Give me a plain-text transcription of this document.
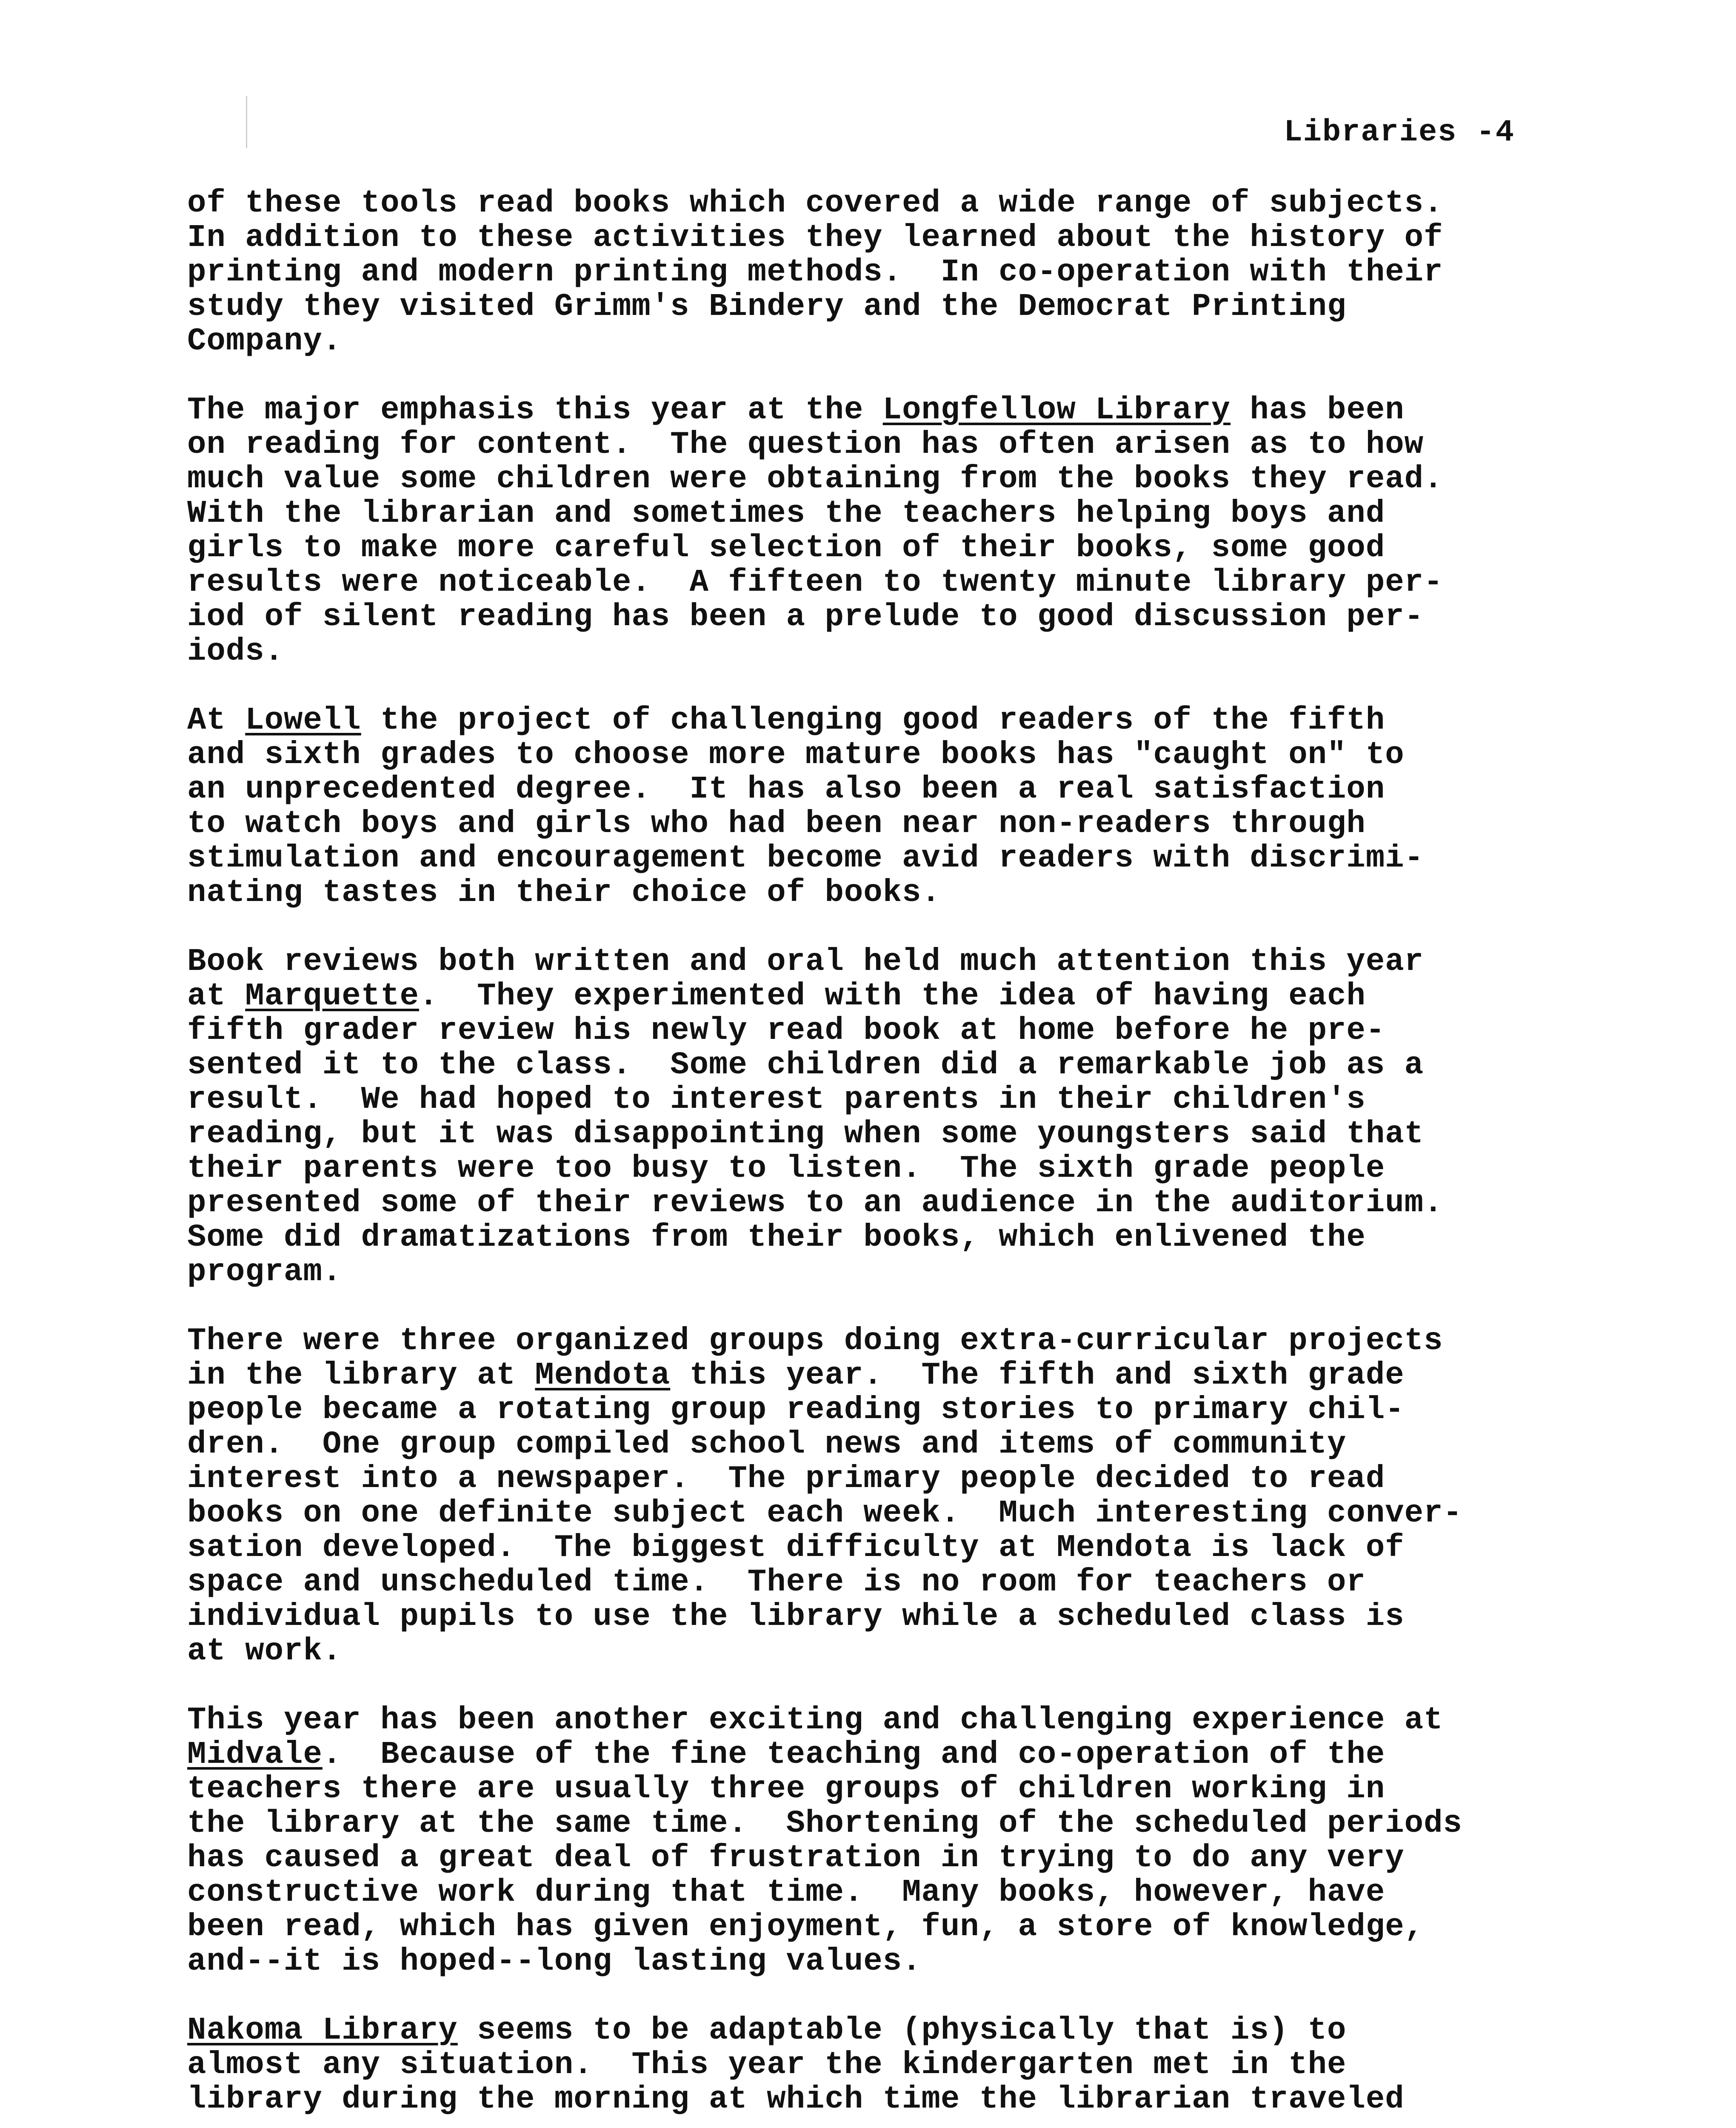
Libraries -4
of these tools read books which covered a wide range of subjects.
In addition to these activities they learned about the history of
printing and modern printing methods.  In co-operation with their
study they visited Grimm's Bindery and the Democrat Printing
Company.
The major emphasis this year at the Longfellow Library has been
on reading for content.  The question has often arisen as to how
much value some children were obtaining from the books they read.
With the librarian and sometimes the teachers helping boys and
girls to make more careful selection of their books, some good
results were noticeable.  A fifteen to twenty minute library per-
iod of silent reading has been a prelude to good discussion per-
iods.
At Lowell the project of challenging good readers of the fifth
and sixth grades to choose more mature books has "caught on" to
an unprecedented degree.  It has also been a real satisfaction
to watch boys and girls who had been near non-readers through
stimulation and encouragement become avid readers with discrimi-
nating tastes in their choice of books.
Book reviews both written and oral held much attention this year
at Marquette.  They experimented with the idea of having each
fifth grader review his newly read book at home before he pre-
sented it to the class.  Some children did a remarkable job as a
result.  We had hoped to interest parents in their children's
reading, but it was disappointing when some youngsters said that
their parents were too busy to listen.  The sixth grade people
presented some of their reviews to an audience in the auditorium.
Some did dramatizations from their books, which enlivened the
program.
There were three organized groups doing extra-curricular projects
in the library at Mendota this year.  The fifth and sixth grade
people became a rotating group reading stories to primary chil-
dren.  One group compiled school news and items of community
interest into a newspaper.  The primary people decided to read
books on one definite subject each week.  Much interesting conver-
sation developed.  The biggest difficulty at Mendota is lack of
space and unscheduled time.  There is no room for teachers or
individual pupils to use the library while a scheduled class is
at work.
This year has been another exciting and challenging experience at
Midvale.  Because of the fine teaching and co-operation of the
teachers there are usually three groups of children working in
the library at the same time.  Shortening of the scheduled periods
has caused a great deal of frustration in trying to do any very
constructive work during that time.  Many books, however, have
been read, which has given enjoyment, fun, a store of knowledge,
and--it is hoped--long lasting values.
Nakoma Library seems to be adaptable (physically that is) to
almost any situation.  This year the kindergarten met in the
library during the morning at which time the librarian traveled
